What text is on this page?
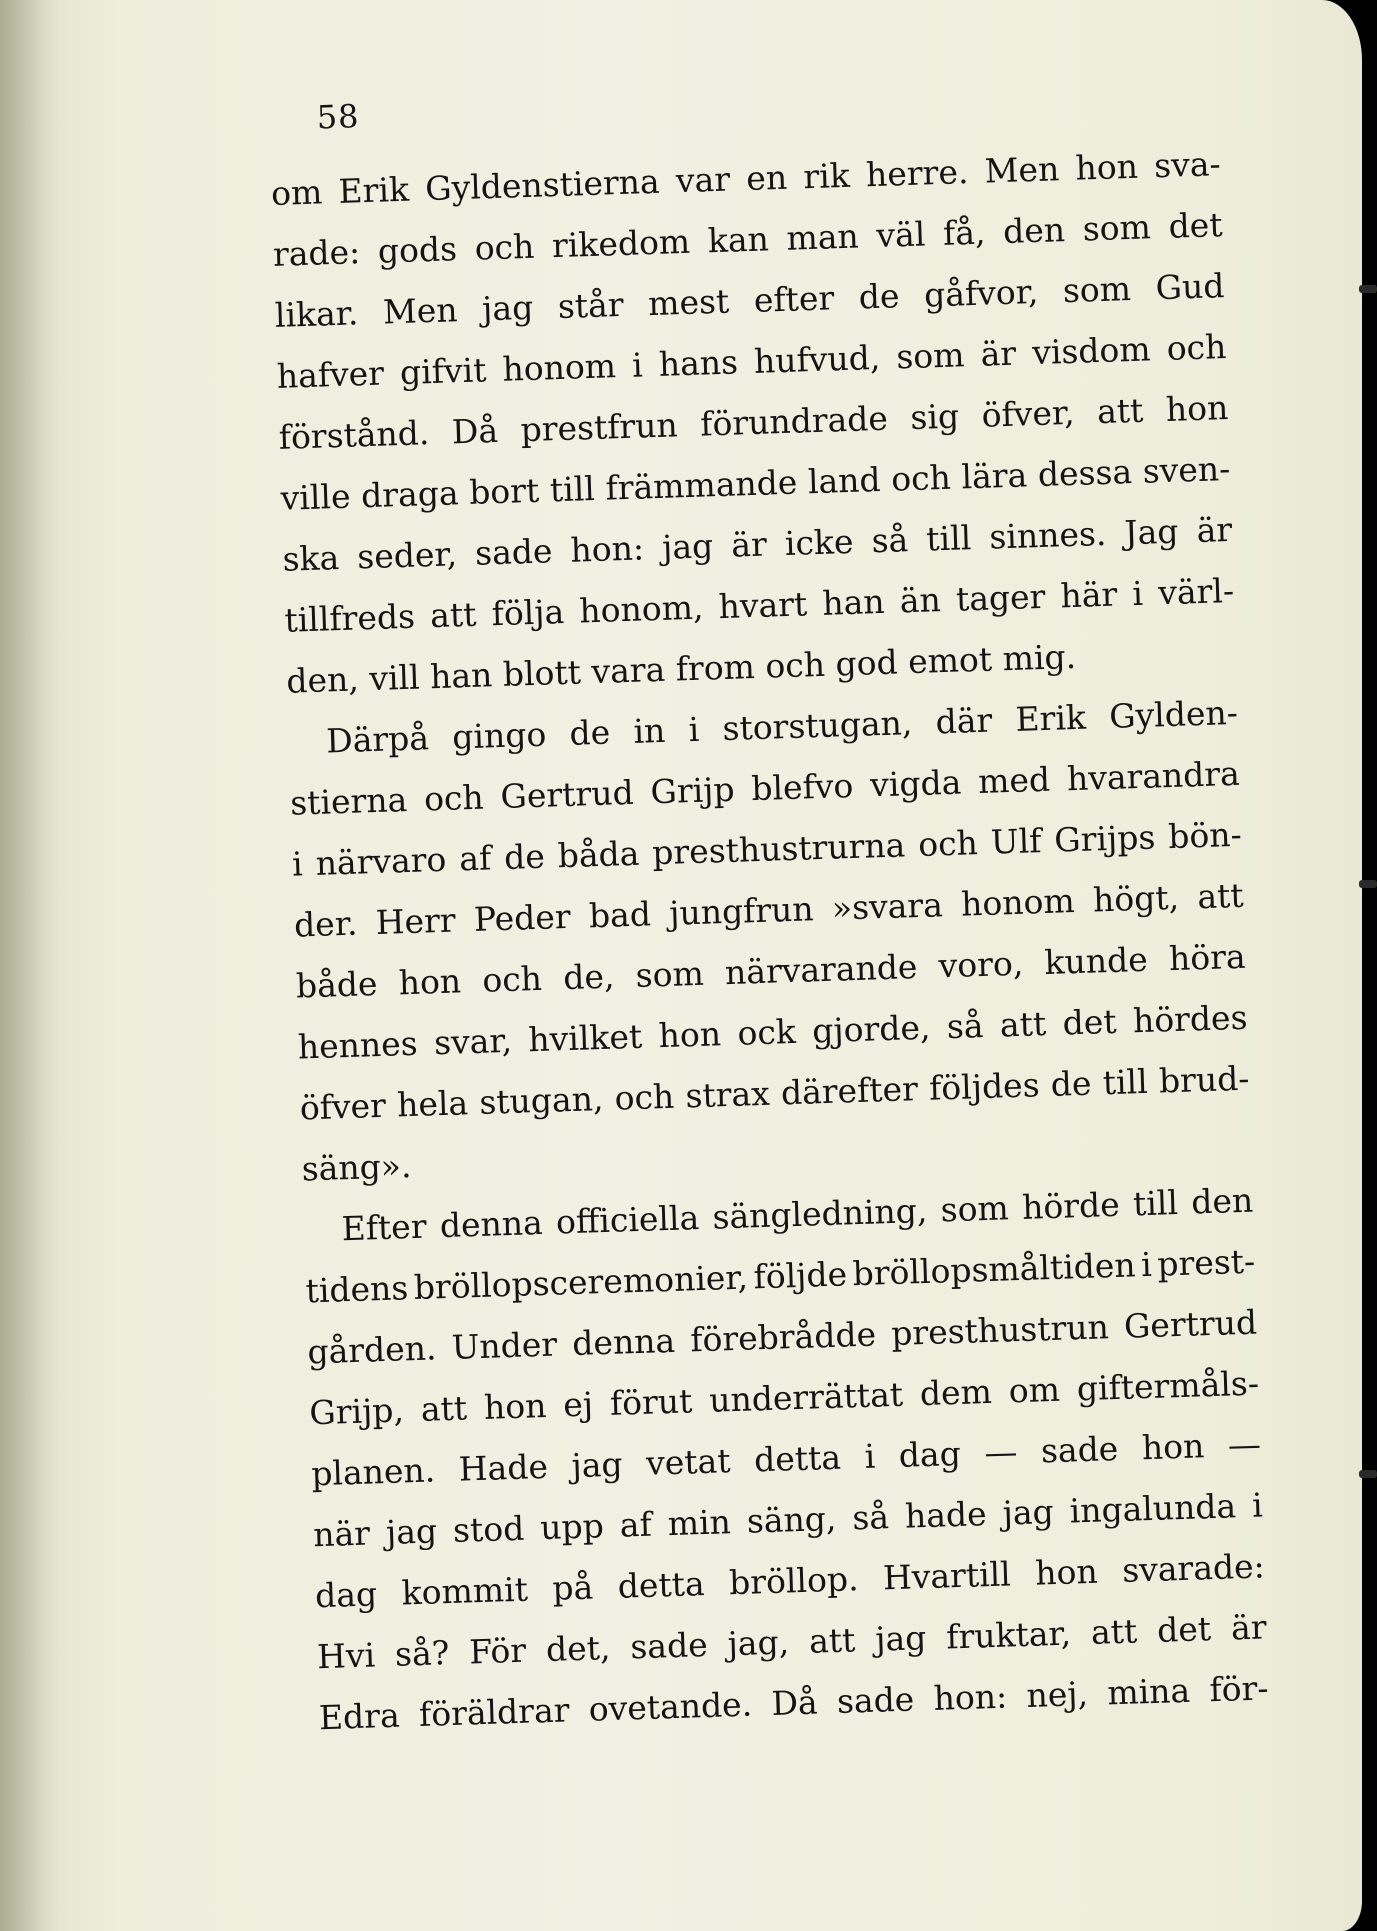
58
om Erik Gyldenstierna var en rik herre. Men hon sva-
rade: gods och rikedom kan man väl få, den som det
likar. Men jag står mest efter de gåfvor, som Gud
hafver gifvit honom i hans hufvud, som är visdom och
förstånd. Då prestfrun förundrade sig öfver, att hon
ville draga bort till främmande land och lära dessa sven-
ska seder, sade hon: jag är icke så till sinnes. Jag är
tillfreds att följa honom, hvart han än tager här i värl-
den, vill han blott vara from och god emot mig.
Därpå gingo de in i storstugan, där Erik Gylden-
stierna och Gertrud Grijp blefvo vigda med hvarandra
i närvaro af de båda presthustrurna och Ulf Grijps bön-
der. Herr Peder bad jungfrun »svara honom högt, att
både hon och de, som närvarande voro, kunde höra
hennes svar, hvilket hon ock gjorde, så att det hördes
öfver hela stugan, och strax därefter följdes de till brud-
säng».
Efter denna officiella sängledning, som hörde till den
tidens bröllopsceremonier, följde bröllopsmåltiden i prest-
gården. Under denna förebrådde presthustrun Gertrud
Grijp, att hon ej förut underrättat dem om giftermåls-
planen. Hade jag vetat detta i dag — sade hon —
när jag stod upp af min säng, så hade jag ingalunda i
dag kommit på detta bröllop. Hvartill hon svarade:
Hvi så? För det, sade jag, att jag fruktar, att det är
Edra föräldrar ovetande. Då sade hon: nej, mina för-
